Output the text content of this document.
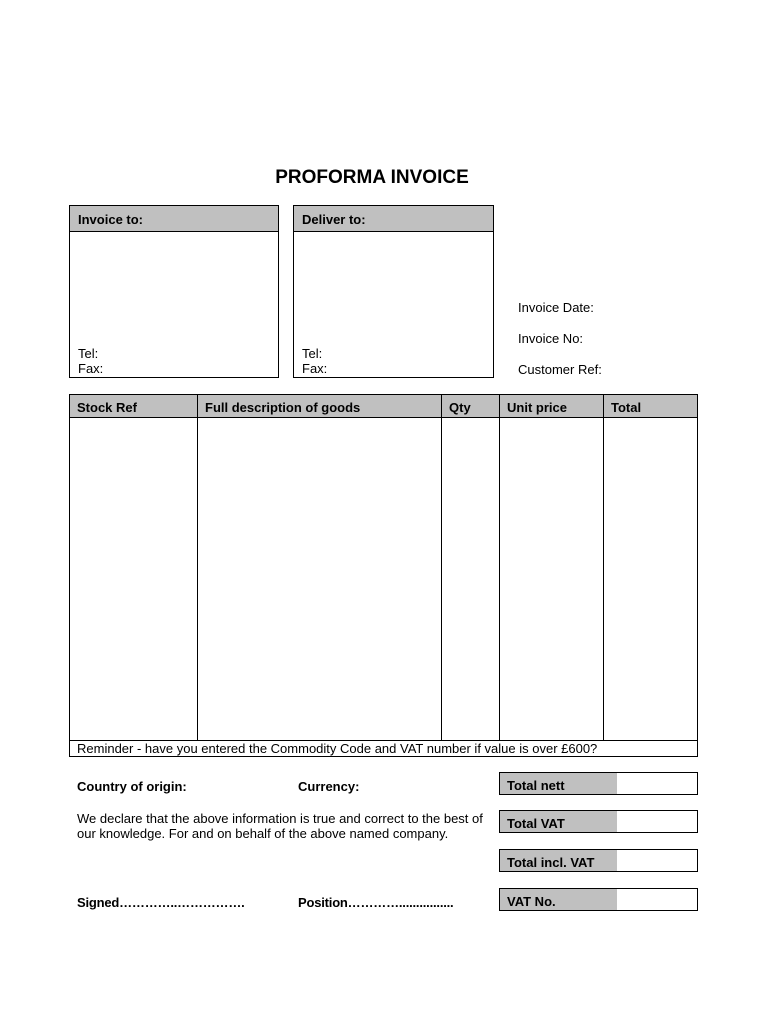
PROFORMA INVOICE
Invoice to:
Tel:
Fax:
Deliver to:
Tel:
Fax:
Invoice Date:
Invoice No:
Customer Ref:
Stock Ref	Full description of goods	Qty	Unit price	Total
Reminder - have you entered the Commodity Code and VAT number if value is over £600?
Country of origin:	Currency:
We declare that the above information is true and correct to the best of our knowledge. For and on behalf of the above named company.
Signed…………..…………….	Position…………................
Total nett
Total VAT
Total incl. VAT
VAT No.
